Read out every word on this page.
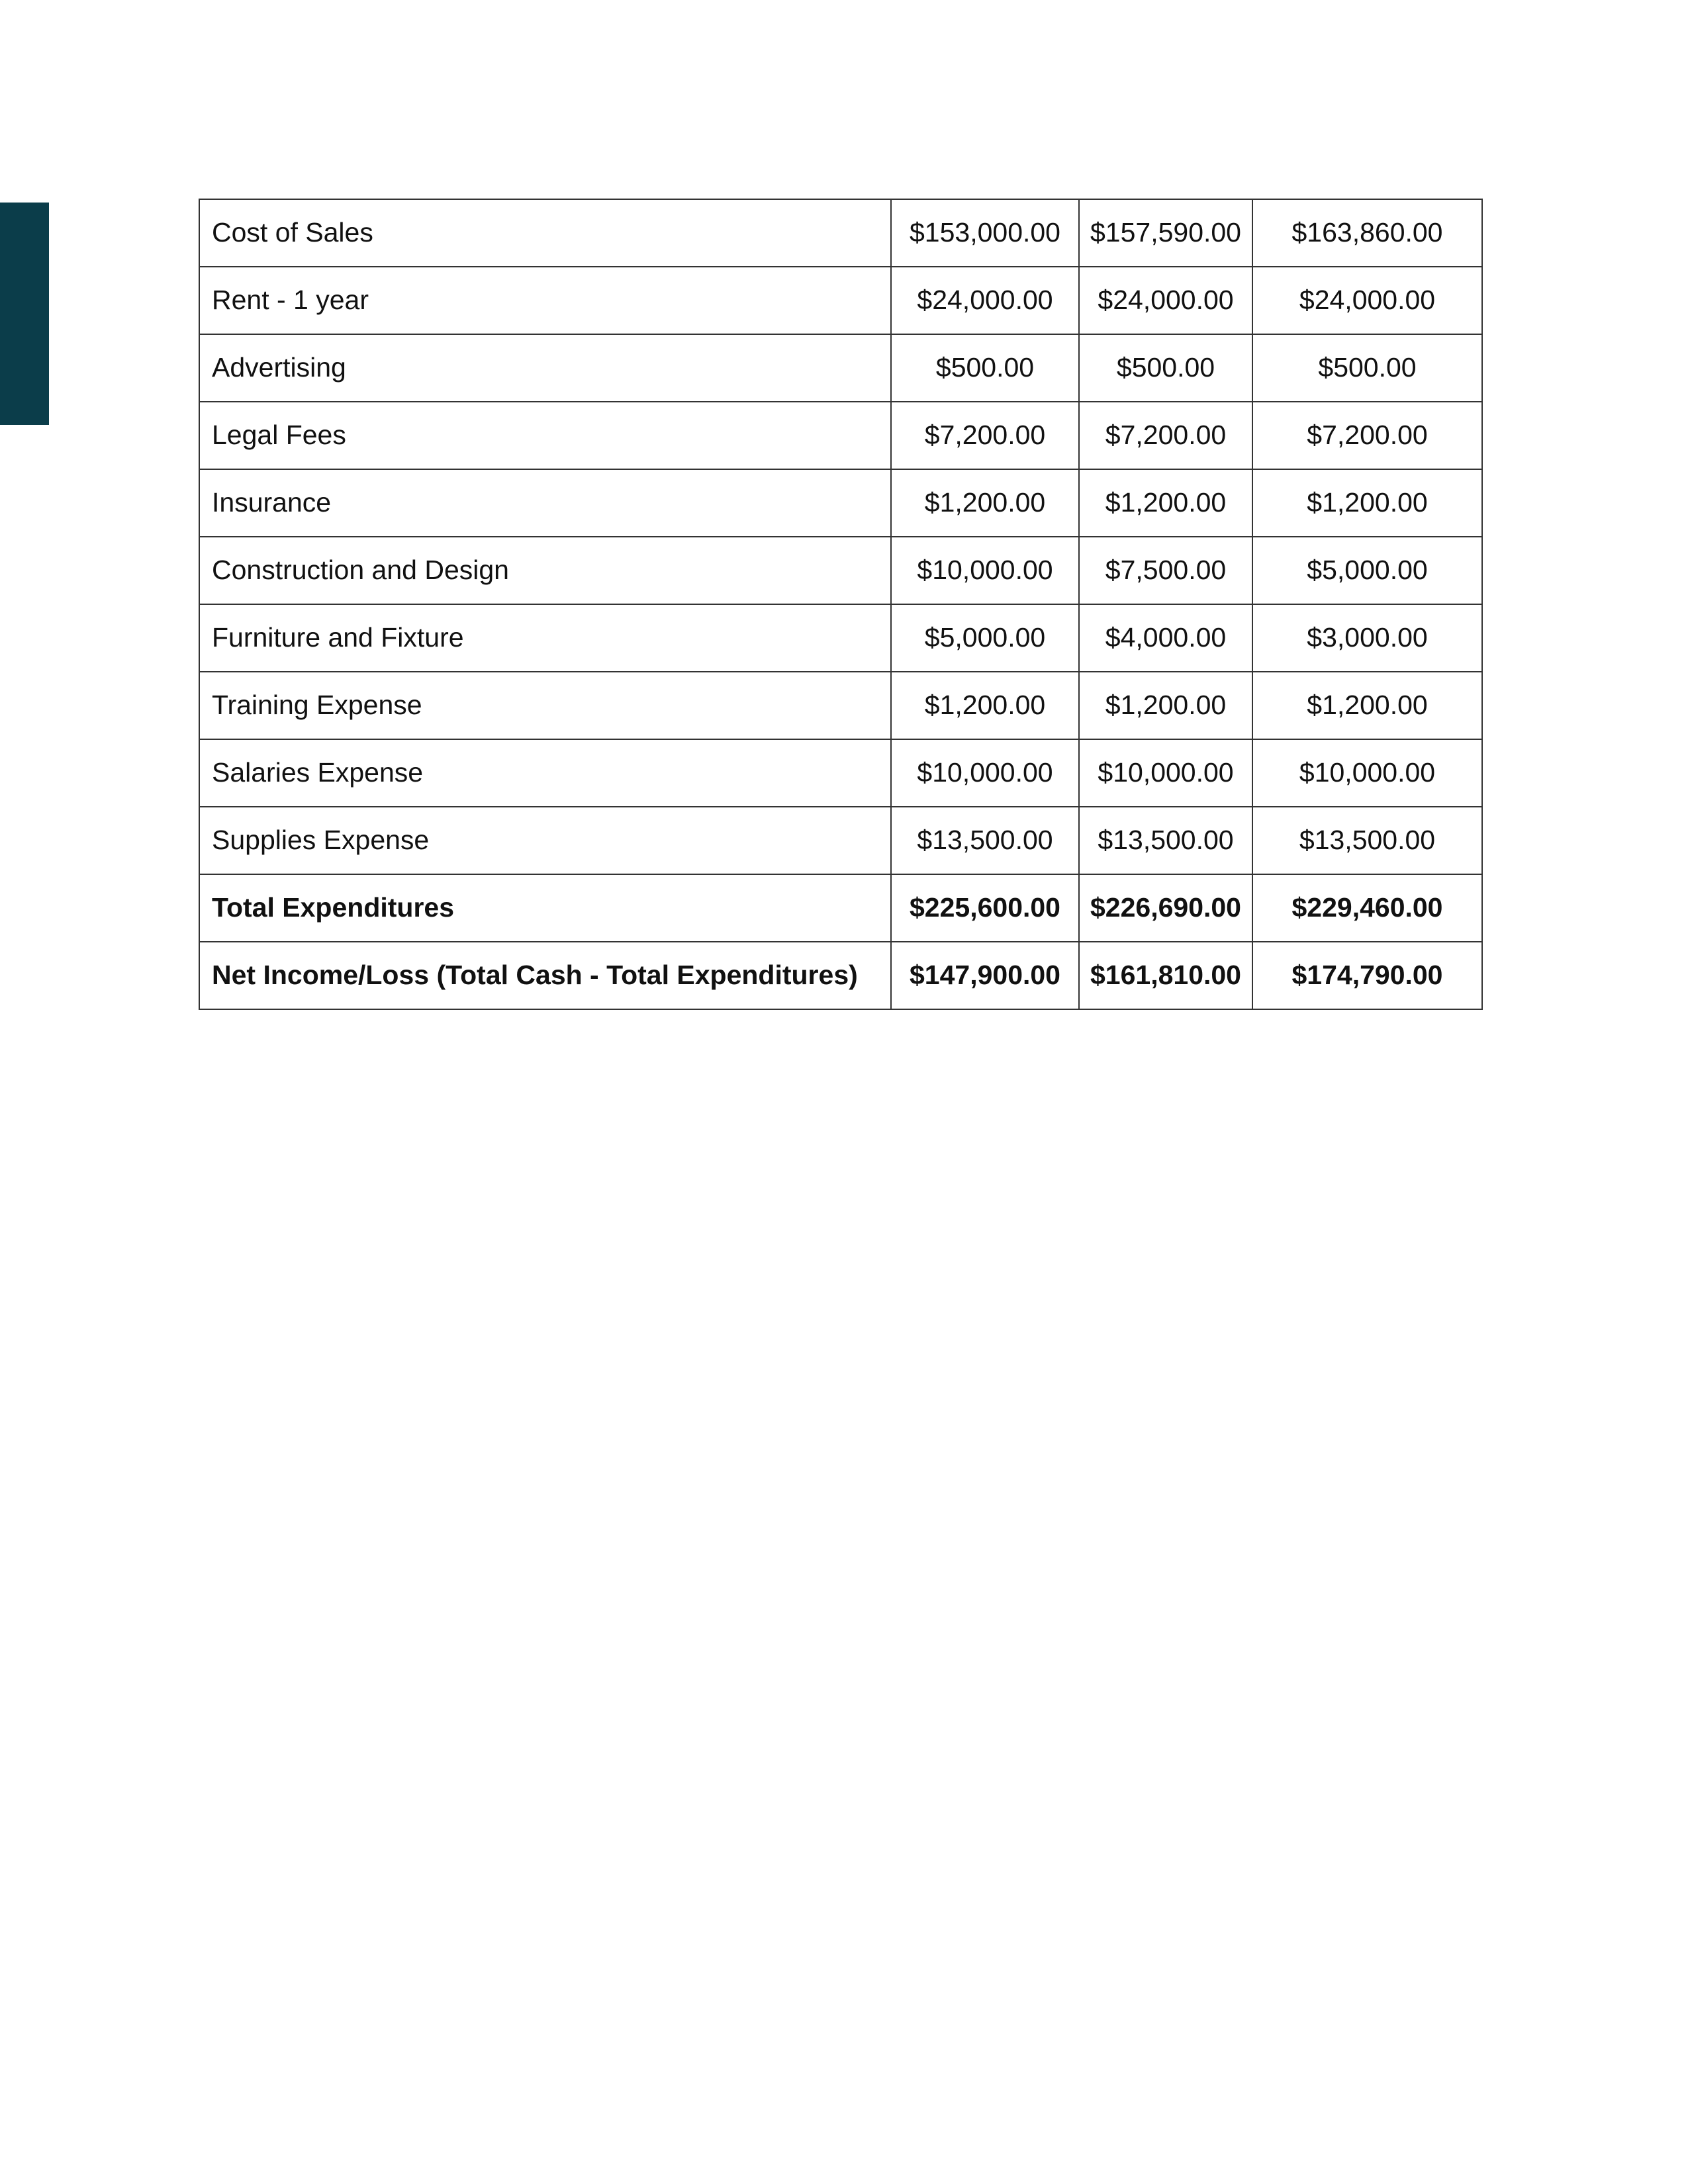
Cost of Sales	$153,000.00	$157,590.00	$163,860.00
Rent - 1 year	$24,000.00	$24,000.00	$24,000.00
Advertising	$500.00	$500.00	$500.00
Legal Fees	$7,200.00	$7,200.00	$7,200.00
Insurance	$1,200.00	$1,200.00	$1,200.00
Construction and Design	$10,000.00	$7,500.00	$5,000.00
Furniture and Fixture	$5,000.00	$4,000.00	$3,000.00
Training Expense	$1,200.00	$1,200.00	$1,200.00
Salaries Expense	$10,000.00	$10,000.00	$10,000.00
Supplies Expense	$13,500.00	$13,500.00	$13,500.00
Total Expenditures	$225,600.00	$226,690.00	$229,460.00
Net Income/Loss (Total Cash - Total Expenditures)	$147,900.00	$161,810.00	$174,790.00
